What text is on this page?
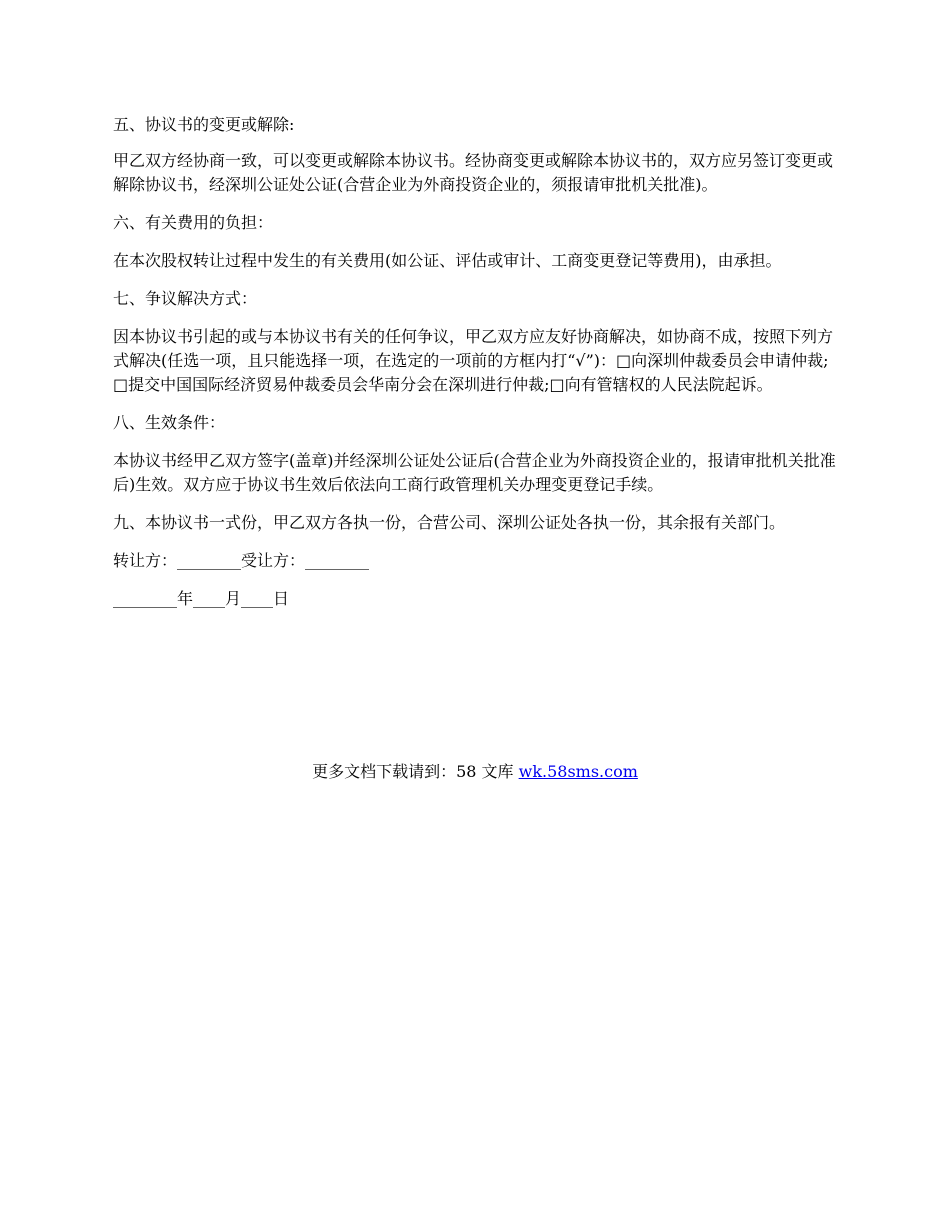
五、协议书的变更或解除:

甲乙双方经协商一致，可以变更或解除本协议书。经协商变更或解除本协议书的，双方应另签订变更或解除协议书，经深圳公证处公证(合营企业为外商投资企业的，须报请审批机关批准)。

六、有关费用的负担：

在本次股权转让过程中发生的有关费用(如公证、评估或审计、工商变更登记等费用)，由承担。

七、争议解决方式：

因本协议书引起的或与本协议书有关的任何争议，甲乙双方应友好协商解决，如协商不成，按照下列方式解决(任选一项，且只能选择一项，在选定的一项前的方框内打“√”)：□向深圳仲裁委员会申请仲裁;□提交中国国际经济贸易仲裁委员会华南分会在深圳进行仲裁;□向有管辖权的人民法院起诉。

八、生效条件：

本协议书经甲乙双方签字(盖章)并经深圳公证处公证后(合营企业为外商投资企业的，报请审批机关批准后)生效。双方应于协议书生效后依法向工商行政管理机关办理变更登记手续。

九、本协议书一式份，甲乙双方各执一份，合营公司、深圳公证处各执一份，其余报有关部门。

转让方：________受让方：________

________年____月____日

更多文档下载请到：58 文库 wk.58sms.com
